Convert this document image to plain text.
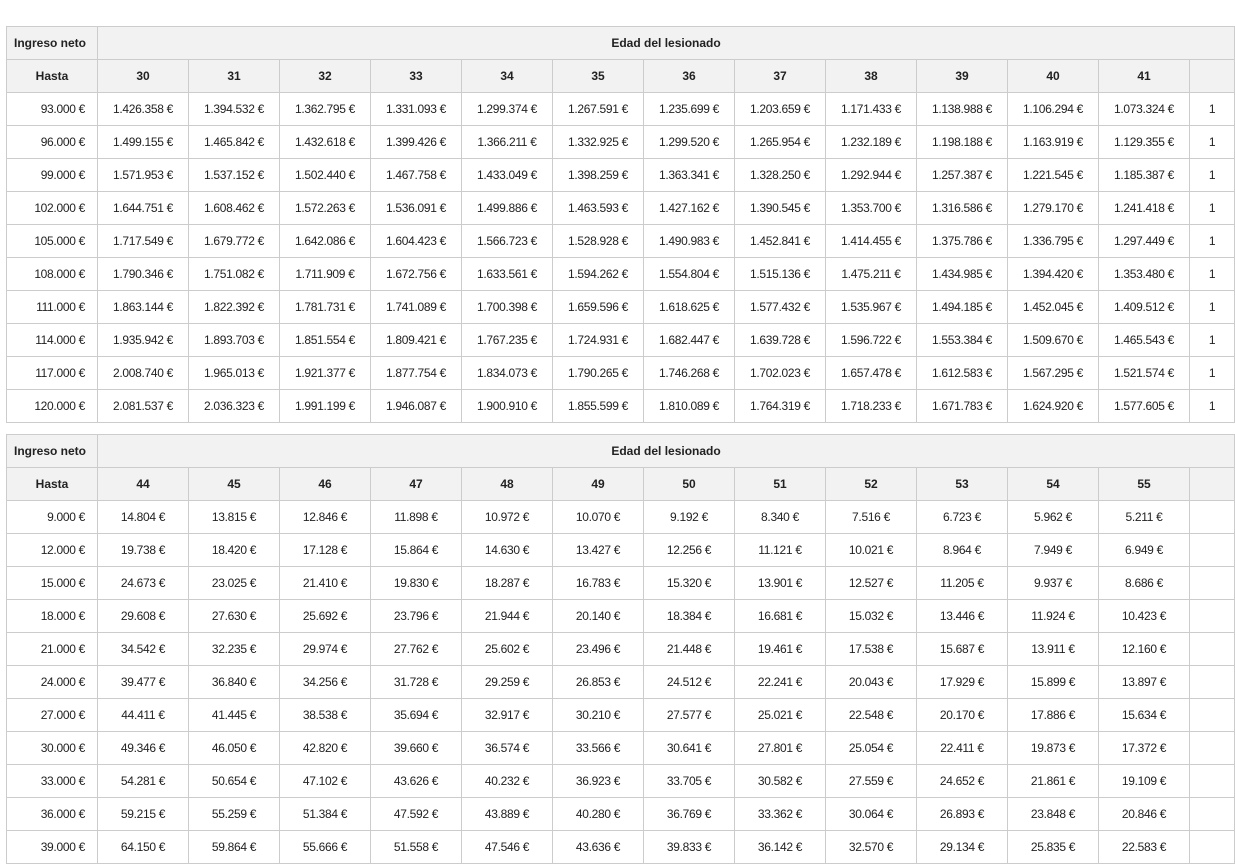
Ingreso neto	Edad del lesionado												
Hasta	30	31	32	33	34	35	36	37	38	39	40	41	
93.000 €	1.426.358 €	1.394.532 €	1.362.795 €	1.331.093 €	1.299.374 €	1.267.591 €	1.235.699 €	1.203.659 €	1.171.433 €	1.138.988 €	1.106.294 €	1.073.324 €	1
96.000 €	1.499.155 €	1.465.842 €	1.432.618 €	1.399.426 €	1.366.211 €	1.332.925 €	1.299.520 €	1.265.954 €	1.232.189 €	1.198.188 €	1.163.919 €	1.129.355 €	1
99.000 €	1.571.953 €	1.537.152 €	1.502.440 €	1.467.758 €	1.433.049 €	1.398.259 €	1.363.341 €	1.328.250 €	1.292.944 €	1.257.387 €	1.221.545 €	1.185.387 €	1
102.000 €	1.644.751 €	1.608.462 €	1.572.263 €	1.536.091 €	1.499.886 €	1.463.593 €	1.427.162 €	1.390.545 €	1.353.700 €	1.316.586 €	1.279.170 €	1.241.418 €	1
105.000 €	1.717.549 €	1.679.772 €	1.642.086 €	1.604.423 €	1.566.723 €	1.528.928 €	1.490.983 €	1.452.841 €	1.414.455 €	1.375.786 €	1.336.795 €	1.297.449 €	1
108.000 €	1.790.346 €	1.751.082 €	1.711.909 €	1.672.756 €	1.633.561 €	1.594.262 €	1.554.804 €	1.515.136 €	1.475.211 €	1.434.985 €	1.394.420 €	1.353.480 €	1
111.000 €	1.863.144 €	1.822.392 €	1.781.731 €	1.741.089 €	1.700.398 €	1.659.596 €	1.618.625 €	1.577.432 €	1.535.967 €	1.494.185 €	1.452.045 €	1.409.512 €	1
114.000 €	1.935.942 €	1.893.703 €	1.851.554 €	1.809.421 €	1.767.235 €	1.724.931 €	1.682.447 €	1.639.728 €	1.596.722 €	1.553.384 €	1.509.670 €	1.465.543 €	1
117.000 €	2.008.740 €	1.965.013 €	1.921.377 €	1.877.754 €	1.834.073 €	1.790.265 €	1.746.268 €	1.702.023 €	1.657.478 €	1.612.583 €	1.567.295 €	1.521.574 €	1
120.000 €	2.081.537 €	2.036.323 €	1.991.199 €	1.946.087 €	1.900.910 €	1.855.599 €	1.810.089 €	1.764.319 €	1.718.233 €	1.671.783 €	1.624.920 €	1.577.605 €	1
Ingreso neto	Edad del lesionado												
Hasta	44	45	46	47	48	49	50	51	52	53	54	55	
9.000 €	14.804 €	13.815 €	12.846 €	11.898 €	10.972 €	10.070 €	9.192 €	8.340 €	7.516 €	6.723 €	5.962 €	5.211 €	
12.000 €	19.738 €	18.420 €	17.128 €	15.864 €	14.630 €	13.427 €	12.256 €	11.121 €	10.021 €	8.964 €	7.949 €	6.949 €	
15.000 €	24.673 €	23.025 €	21.410 €	19.830 €	18.287 €	16.783 €	15.320 €	13.901 €	12.527 €	11.205 €	9.937 €	8.686 €	
18.000 €	29.608 €	27.630 €	25.692 €	23.796 €	21.944 €	20.140 €	18.384 €	16.681 €	15.032 €	13.446 €	11.924 €	10.423 €	
21.000 €	34.542 €	32.235 €	29.974 €	27.762 €	25.602 €	23.496 €	21.448 €	19.461 €	17.538 €	15.687 €	13.911 €	12.160 €	
24.000 €	39.477 €	36.840 €	34.256 €	31.728 €	29.259 €	26.853 €	24.512 €	22.241 €	20.043 €	17.929 €	15.899 €	13.897 €	
27.000 €	44.411 €	41.445 €	38.538 €	35.694 €	32.917 €	30.210 €	27.577 €	25.021 €	22.548 €	20.170 €	17.886 €	15.634 €	
30.000 €	49.346 €	46.050 €	42.820 €	39.660 €	36.574 €	33.566 €	30.641 €	27.801 €	25.054 €	22.411 €	19.873 €	17.372 €	
33.000 €	54.281 €	50.654 €	47.102 €	43.626 €	40.232 €	36.923 €	33.705 €	30.582 €	27.559 €	24.652 €	21.861 €	19.109 €	
36.000 €	59.215 €	55.259 €	51.384 €	47.592 €	43.889 €	40.280 €	36.769 €	33.362 €	30.064 €	26.893 €	23.848 €	20.846 €	
39.000 €	64.150 €	59.864 €	55.666 €	51.558 €	47.546 €	43.636 €	39.833 €	36.142 €	32.570 €	29.134 €	25.835 €	22.583 €	
